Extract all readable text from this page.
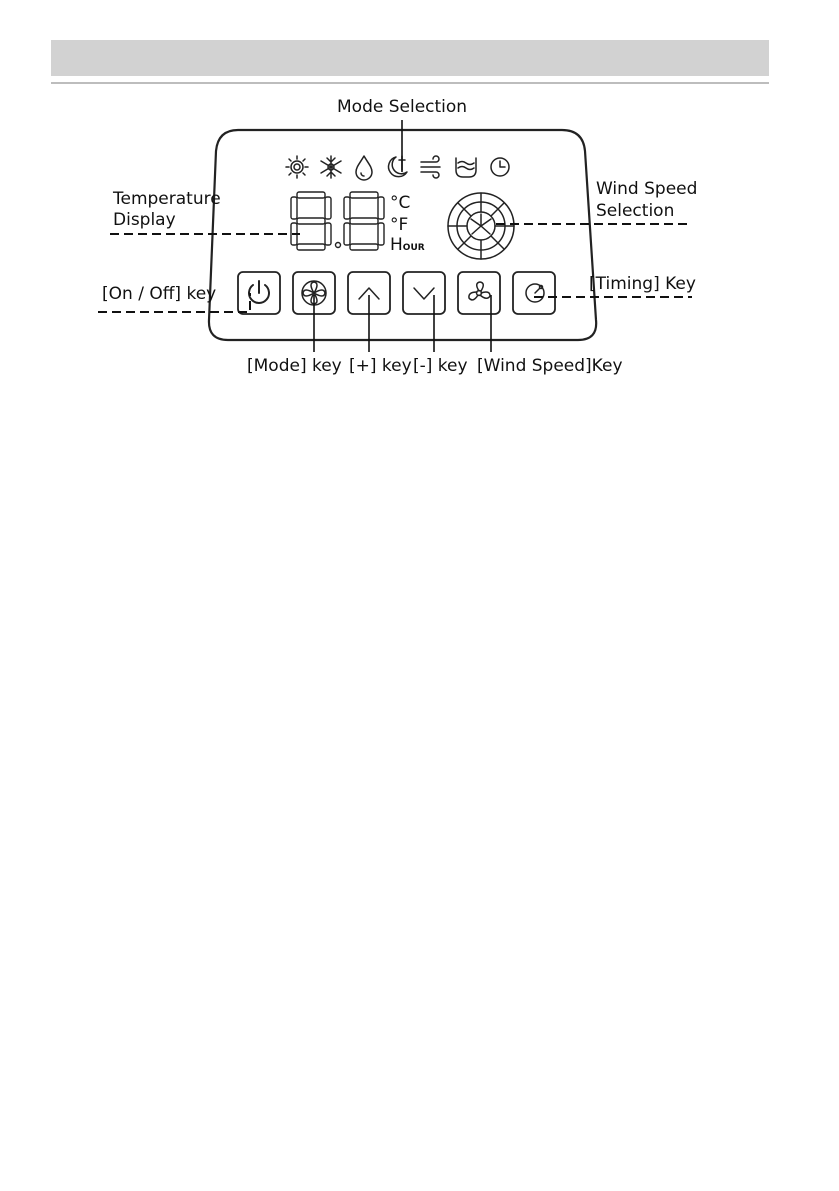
°C
°F
HOUR
Mode Selection
Temperature
Display
Wind Speed
Selection
[On / Off] key	[Timing] Key
[Mode] key [+] key [-] key [Wind Speed]Key
